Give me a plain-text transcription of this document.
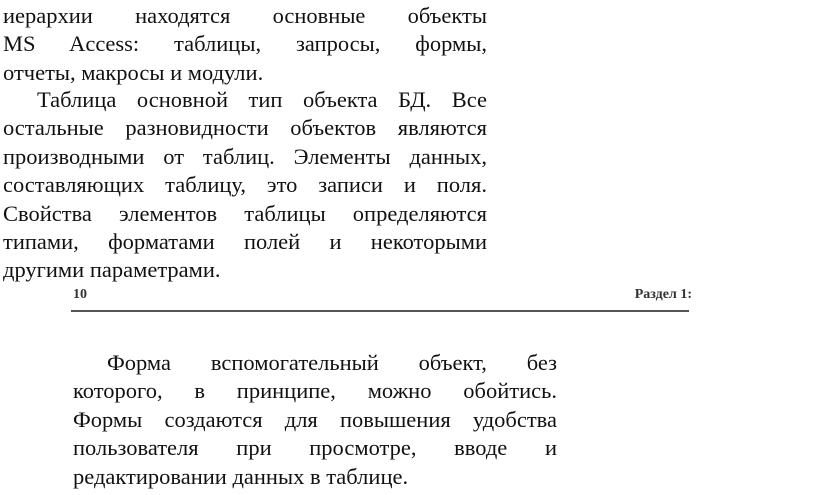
иерархии находятся основные объекты
MS Access: таблицы, запросы, формы,
отчеты, макросы и модули.
Таблица основной тип объекта БД. Все
остальные разновидности объектов являются
производными от таблиц. Элементы данных,
составляющих таблицу, это записи и поля.
Свойства элементов таблицы определяются
типами, форматами полей и некоторыми
другими параметрами.
10	Раздел 1:
Форма вспомогательный объект, без
которого, в принципе, можно обойтись.
Формы создаются для повышения удобства
пользователя при просмотре, вводе и
редактировании данных в таблице.
